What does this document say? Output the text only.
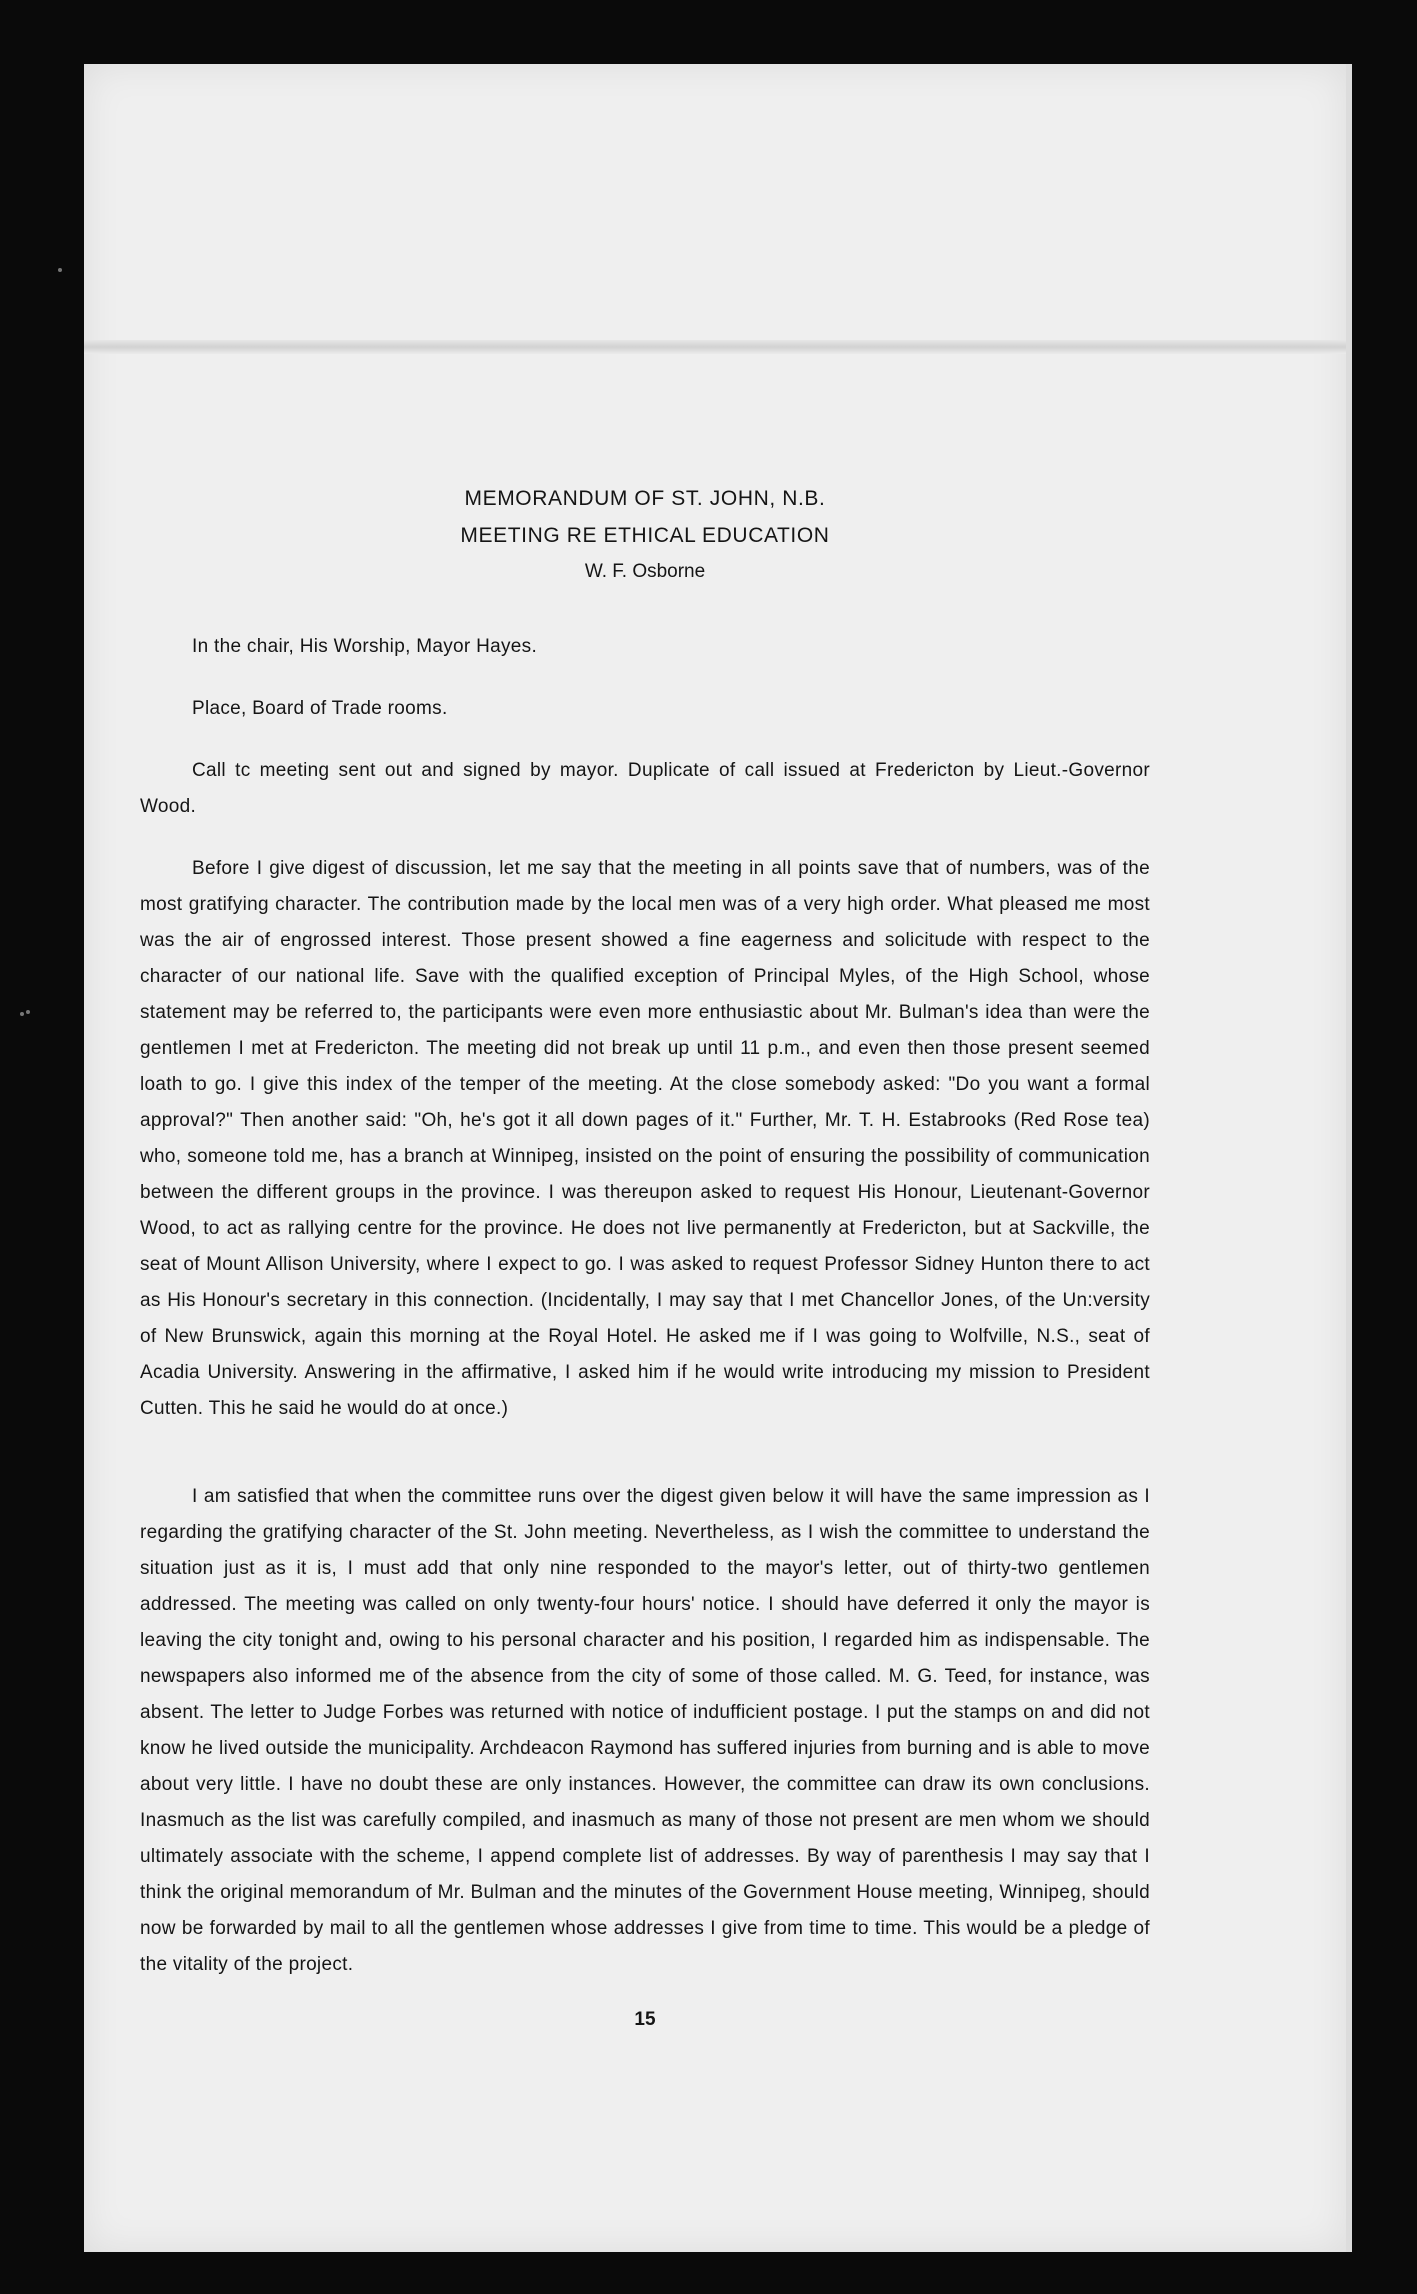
MEMORANDUM OF ST. JOHN, N.B.

MEETING RE ETHICAL EDUCATION

W. F. Osborne

In the chair, His Worship, Mayor Hayes.

Place, Board of Trade rooms.

Call tc meeting sent out and signed by mayor. Duplicate of call issued at Fredericton by Lieut.-Governor Wood.

Before I give digest of discussion, let me say that the meeting in all points save that of numbers, was of the most gratifying character. The contribution made by the local men was of a very high order. What pleased me most was the air of engrossed interest. Those present showed a fine eagerness and solicitude with respect to the character of our national life. Save with the qualified exception of Principal Myles, of the High School, whose statement may be referred to, the participants were even more enthusiastic about Mr. Bulman's idea than were the gentlemen I met at Fredericton. The meeting did not break up until 11 p.m., and even then those present seemed loath to go. I give this index of the temper of the meeting. At the close somebody asked: "Do you want a formal approval?" Then another said: "Oh, he's got it all down pages of it." Further, Mr. T. H. Estabrooks (Red Rose tea) who, someone told me, has a branch at Winnipeg, insisted on the point of ensuring the possibility of communication between the different groups in the province. I was thereupon asked to request His Honour, Lieutenant-Governor Wood, to act as rallying centre for the province. He does not live permanently at Fredericton, but at Sackville, the seat of Mount Allison University, where I expect to go. I was asked to request Professor Sidney Hunton there to act as His Honour's secretary in this connection. (Incidentally, I may say that I met Chancellor Jones, of the Un:versity of New Brunswick, again this morning at the Royal Hotel. He asked me if I was going to Wolfville, N.S., seat of Acadia University. Answering in the affirmative, I asked him if he would write introducing my mission to President Cutten. This he said he would do at once.)

I am satisfied that when the committee runs over the digest given below it will have the same impression as I regarding the gratifying character of the St. John meeting. Nevertheless, as I wish the committee to understand the situation just as it is, I must add that only nine responded to the mayor's letter, out of thirty-two gentlemen addressed. The meeting was called on only twenty-four hours' notice. I should have deferred it only the mayor is leaving the city tonight and, owing to his personal character and his position, I regarded him as indispensable. The newspapers also informed me of the absence from the city of some of those called. M. G. Teed, for instance, was absent. The letter to Judge Forbes was returned with notice of indufficient postage. I put the stamps on and did not know he lived outside the municipality. Archdeacon Raymond has suffered injuries from burning and is able to move about very little. I have no doubt these are only instances. However, the committee can draw its own conclusions. Inasmuch as the list was carefully compiled, and inasmuch as many of those not present are men whom we should ultimately associate with the scheme, I append complete list of addresses. By way of parenthesis I may say that I think the original memorandum of Mr. Bulman and the minutes of the Government House meeting, Winnipeg, should now be forwarded by mail to all the gentlemen whose addresses I give from time to time. This would be a pledge of the vitality of the project.

15
